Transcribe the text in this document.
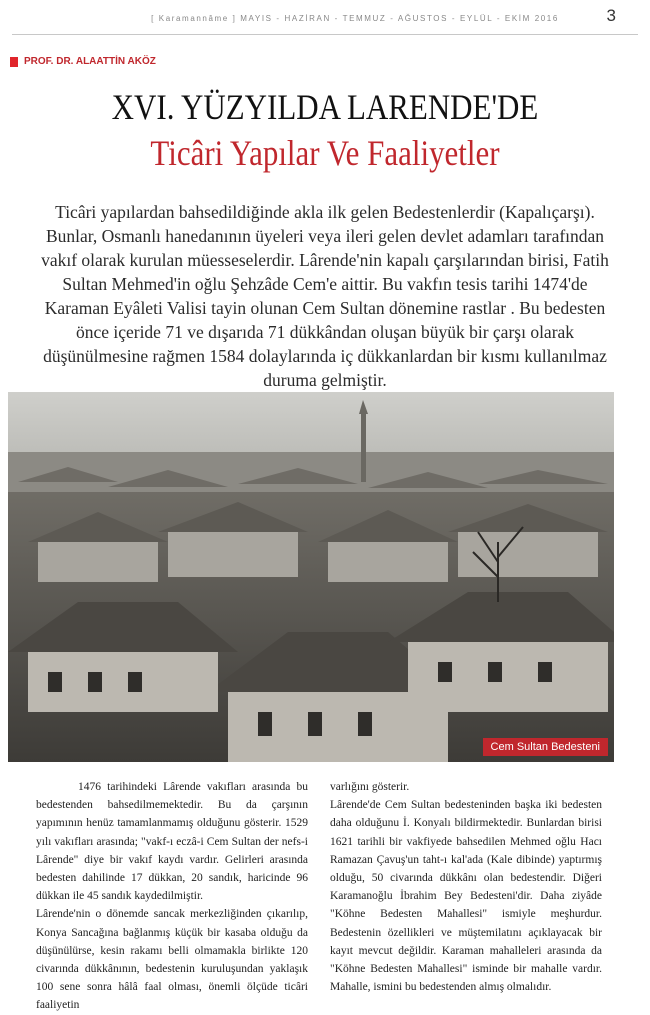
[ Karamannâme ] MAYIS - HAZİRAN - TEMMUZ - AĞUSTOS - EYLÜL - EKİM 2016	3
PROF. DR. ALAATTİN AKÖZ
XVI. YÜZYILDA LARENDE'DE
Ticâri Yapılar Ve Faaliyetler
Ticâri yapılardan bahsedildiğinde akla ilk gelen Bedestenlerdir (Kapalıçarşı). Bunlar, Osmanlı hanedanının üyeleri veya ileri gelen devlet adamları tarafından vakıf olarak kurulan müesseselerdir. Lârende'nin kapalı çarşılarından birisi, Fatih Sultan Mehmed'in oğlu Şehzâde Cem'e aittir. Bu vakfın tesis tarihi 1474'de Karaman Eyâleti Valisi tayin olunan Cem Sultan dönemine rastlar . Bu bedesten önce içeride 71 ve dışarıda 71 dükkândan oluşan büyük bir çarşı olarak düşünülmesine rağmen 1584 dolaylarında iç dükkanlardan bir kısmı kullanılmaz duruma gelmiştir.
Cem Sultan Bedesteni

1476 tarihindeki Lârende vakıfları arasında bu bedestenden bahsedilmemektedir. Bu da çarşının yapımının henüz tamamlanmamış olduğunu gösterir. 1529 yılı vakıfları arasında; "vakf-ı eczâ-i Cem Sultan der nefs-i Lârende" diye bir vakıf kaydı vardır. Gelirleri arasında bedesten dahilinde 17 dükkan, 20 sandık, haricinde 96 dükkan ile 45 sandık kaydedilmiştir.

Lârende'nin o dönemde sancak merkezliğinden çıkarılıp, Konya Sancağına bağlanmış küçük bir kasaba olduğu da düşünülürse, kesin rakamı belli olmamakla birlikte 120 civarında dükkânının, bedestenin kuruluşundan yaklaşık 100 sene sonra hâlâ faal olması, önemli ölçüde ticâri faaliyetin

varlığını gösterir.

Lârende'de Cem Sultan bedesteninden başka iki bedesten daha olduğunu İ. Konyalı bildirmektedir. Bunlardan birisi 1621 tarihli bir vakfiyede bahsedilen Mehmed oğlu Hacı Ramazan Çavuş'un taht-ı kal'ada (Kale dibinde) yaptırmış olduğu, 50 civarında dükkânı olan bedestendir. Diğeri Karamanoğlu İbrahim Bey Bedesteni'dir. Daha ziyâde "Köhne Bedesten Mahallesi" ismiyle meşhurdur. Bedestenin özellikleri ve müştemilatını açıklayacak bir kayıt mevcut değildir. Karaman mahalleleri arasında da "Köhne Bedesten Mahallesi" isminde bir mahalle vardır. Mahalle, ismini bu bedestenden almış olmalıdır.
